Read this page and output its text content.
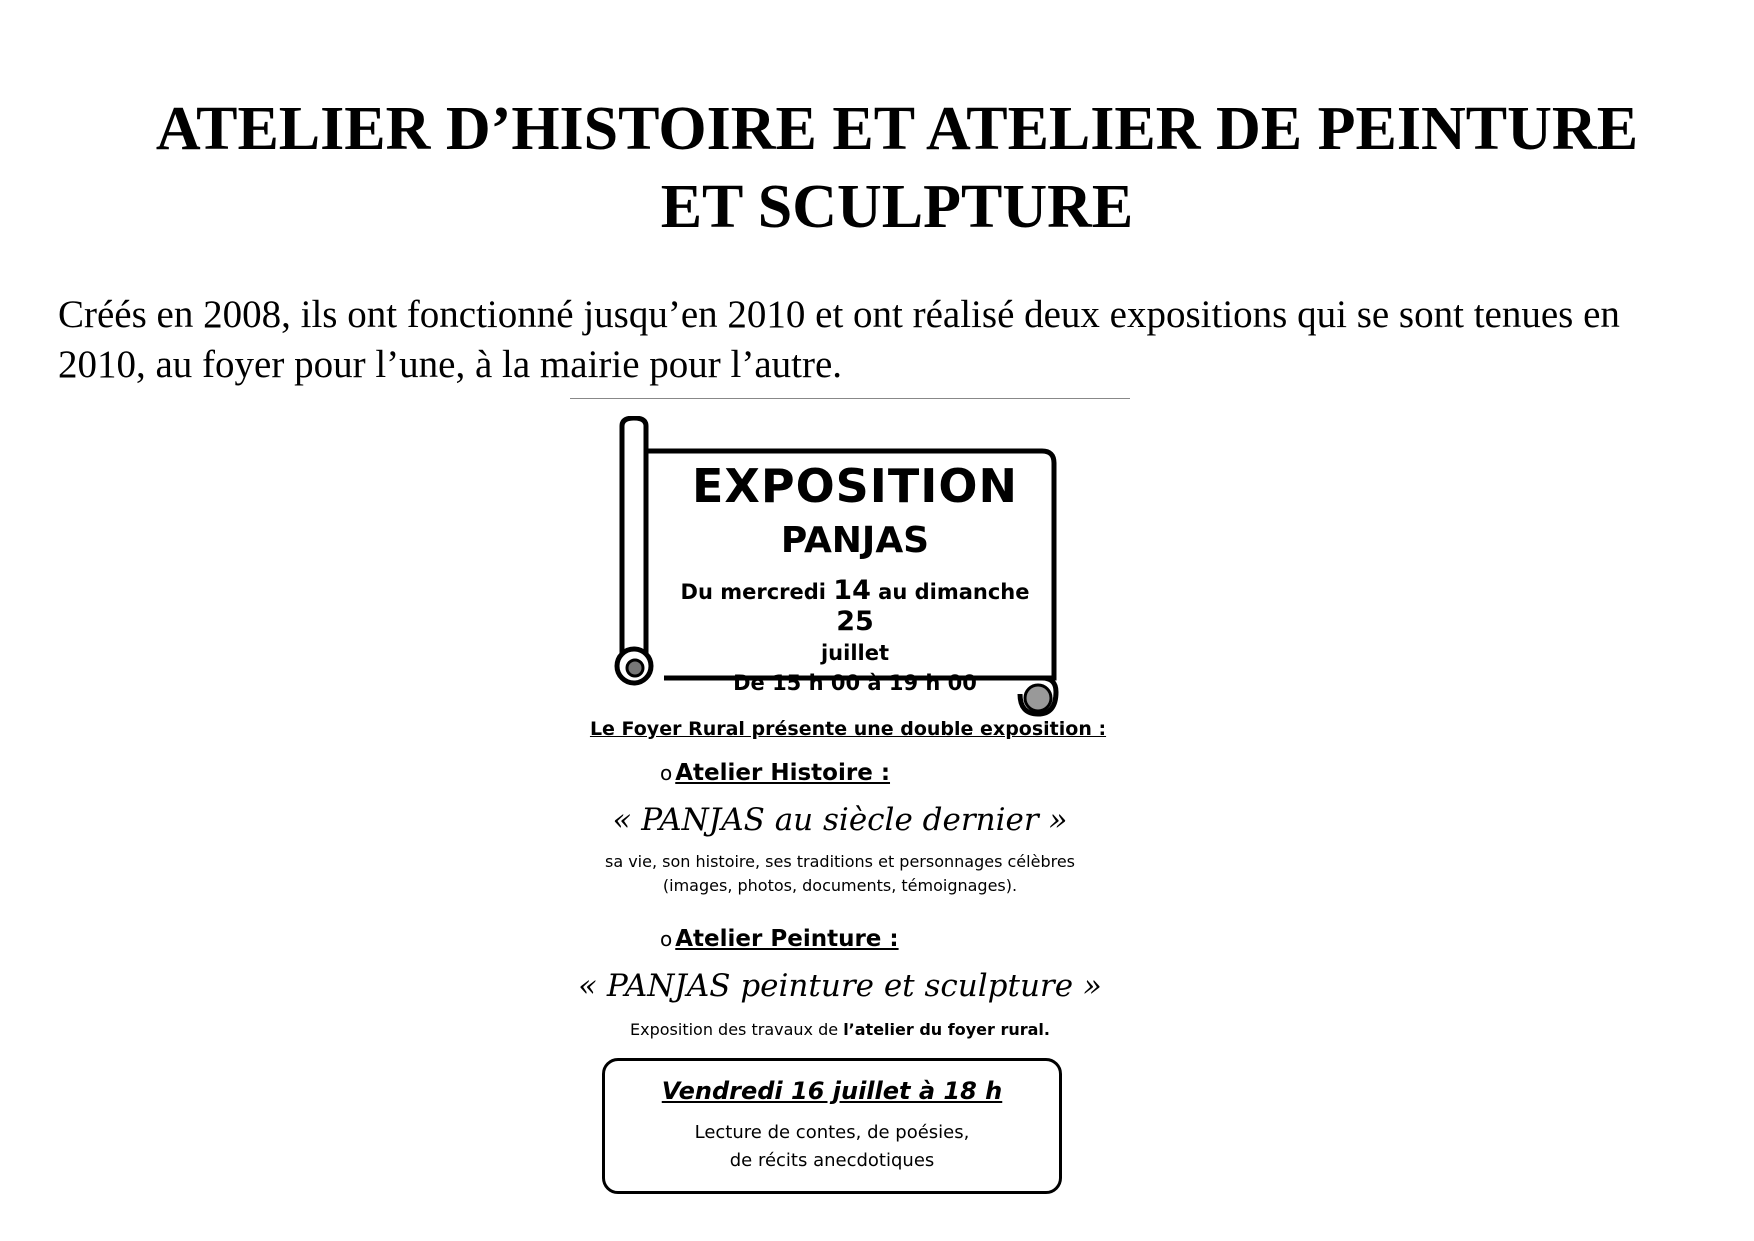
ATELIER D’HISTOIRE ET ATELIER DE PEINTURE
ET SCULPTURE

Créés en 2008, ils ont fonctionné jusqu’en 2010 et ont réalisé deux expositions qui se sont tenues en 2010, au foyer pour l’une, à la mairie pour l’autre.

EXPOSITION
PANJAS
Du mercredi 14 au dimanche 25
juillet
De 15 h 00 à 19 h 00
Le Foyer Rural présente une double exposition :
o Atelier Histoire :
« PANJAS au siècle dernier »
sa vie, son histoire, ses traditions et personnages célèbres
(images, photos, documents, témoignages).
o Atelier Peinture :
« PANJAS peinture et sculpture »
Exposition des travaux de l’atelier du foyer rural.
Vendredi 16 juillet à 18 h
Lecture de contes, de poésies,
de récits anecdotiques
